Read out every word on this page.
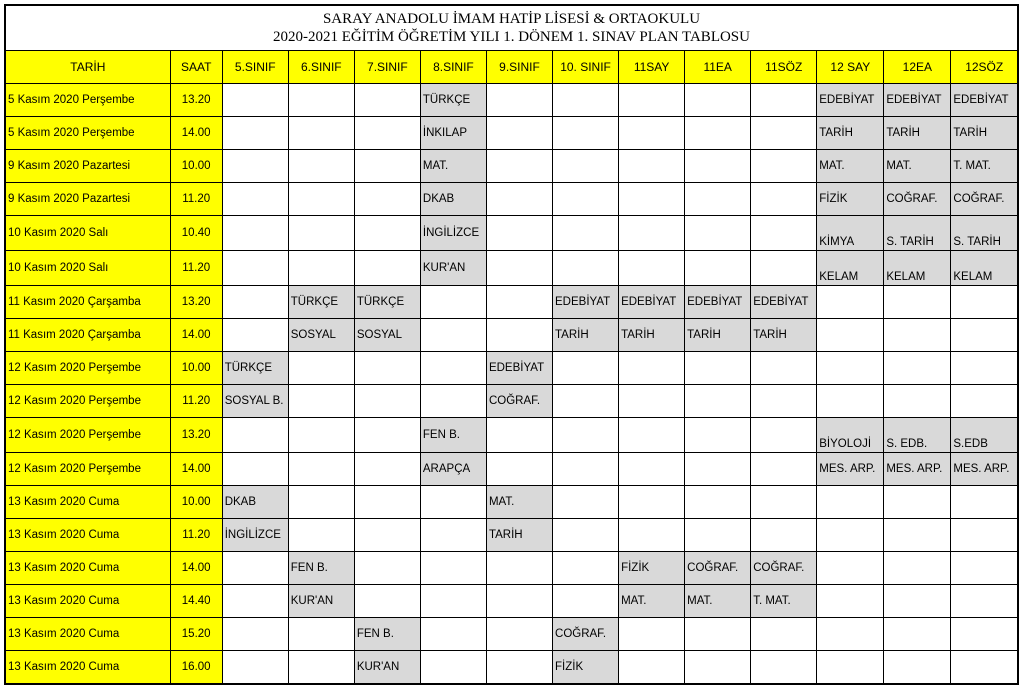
SARAY ANADOLU İMAM HATİP LİSESİ & ORTAOKULU
2020-2021 EĞİTİM ÖĞRETİM YILI 1. DÖNEM 1. SINAV PLAN TABLOSU
TARİH	SAAT	5.SINIF	6.SINIF	7.SINIF	8.SINIF	9.SINIF	10. SINIF	11SAY	11EA	11SÖZ	12 SAY	12EA	12SÖZ
5 Kasım 2020 Perşembe	13.20				TÜRKÇE						EDEBİYAT	EDEBİYAT	EDEBİYAT
5 Kasım 2020 Perşembe	14.00				İNKILAP						TARİH	TARİH	TARİH
9 Kasım 2020 Pazartesi	10.00				MAT.						MAT.	MAT.	T. MAT.
9 Kasım 2020 Pazartesi	11.20				DKAB						FİZİK	COĞRAF.	COĞRAF.
10 Kasım 2020 Salı	10.40				İNGİLİZCE						KİMYA	S. TARİH	S. TARİH
10 Kasım 2020 Salı	11.20				KUR'AN						KELAM	KELAM	KELAM
11 Kasım 2020 Çarşamba	13.20		TÜRKÇE	TÜRKÇE			EDEBİYAT	EDEBİYAT	EDEBİYAT	EDEBİYAT			
11 Kasım 2020 Çarşamba	14.00		SOSYAL	SOSYAL			TARİH	TARİH	TARİH	TARİH			
12 Kasım 2020 Perşembe	10.00	TÜRKÇE				EDEBİYAT							
12 Kasım 2020 Perşembe	11.20	SOSYAL B.				COĞRAF.							
12 Kasım 2020 Perşembe	13.20				FEN B.						BİYOLOJİ	S. EDB.	S.EDB
12 Kasım 2020 Perşembe	14.00				ARAPÇA						MES. ARP.	MES. ARP.	MES. ARP.
13 Kasım 2020 Cuma	10.00	DKAB				MAT.							
13 Kasım 2020 Cuma	11.20	İNGİLİZCE				TARİH							
13 Kasım 2020 Cuma	14.00		FEN B.					FİZİK	COĞRAF.	COĞRAF.			
13 Kasım 2020 Cuma	14.40		KUR'AN					MAT.	MAT.	T. MAT.			
13 Kasım 2020 Cuma	15.20			FEN B.			COĞRAF.						
13 Kasım 2020 Cuma	16.00			KUR'AN			FİZİK						
